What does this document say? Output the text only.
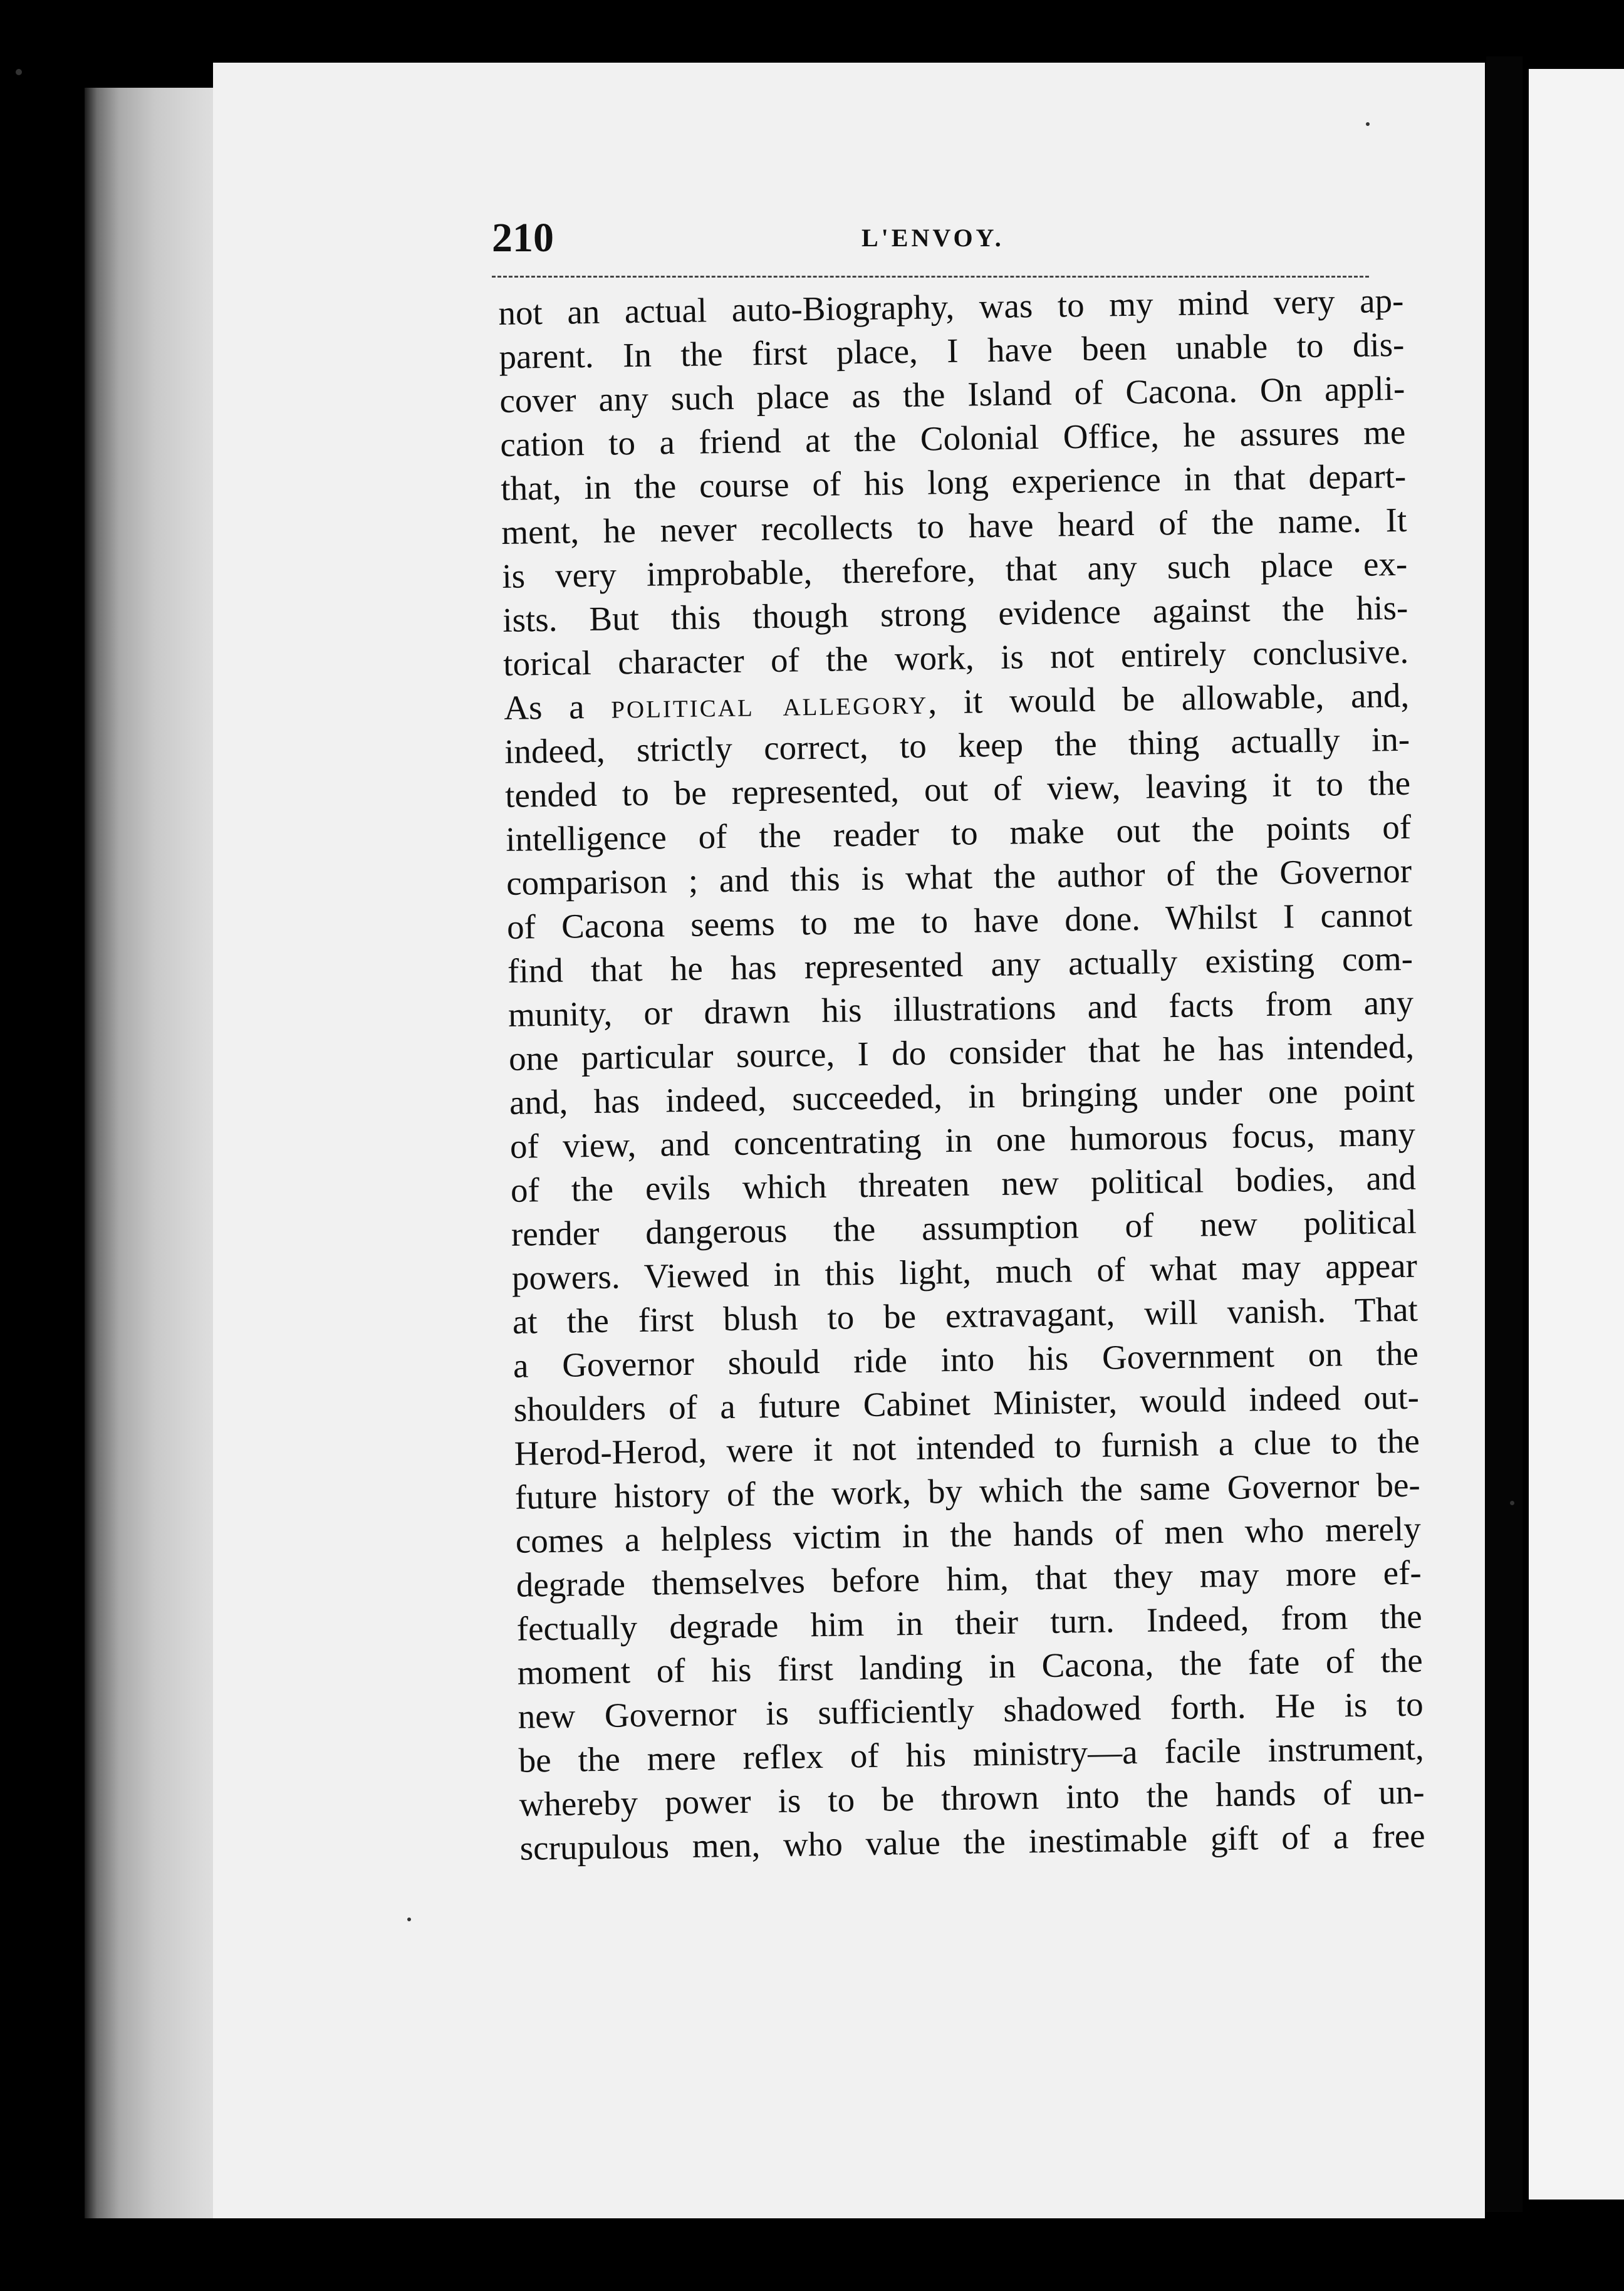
210	L'ENVOY.
not an actual auto-Biography, was to my mind very ap-
parent. In the first place, I have been unable to dis-
cover any such place as the Island of Cacona. On appli-
cation to a friend at the Colonial Office, he assures me
that, in the course of his long experience in that depart-
ment, he never recollects to have heard of the name. It
is very improbable, therefore, that any such place ex-
ists. But this though strong evidence against the his-
torical character of the work, is not entirely conclusive.
As a political allegory, it would be allowable, and,
indeed, strictly correct, to keep the thing actually in-
tended to be represented, out of view, leaving it to the
intelligence of the reader to make out the points of
comparison ; and this is what the author of the Governor
of Cacona seems to me to have done. Whilst I cannot
find that he has represented any actually existing com-
munity, or drawn his illustrations and facts from any
one particular source, I do consider that he has intended,
and, has indeed, succeeded, in bringing under one point
of view, and concentrating in one humorous focus, many
of the evils which threaten new political bodies, and
render dangerous the assumption of new political
powers. Viewed in this light, much of what may appear
at the first blush to be extravagant, will vanish. That
a Governor should ride into his Government on the
shoulders of a future Cabinet Minister, would indeed out-
Herod-Herod, were it not intended to furnish a clue to the
future history of the work, by which the same Governor be-
comes a helpless victim in the hands of men who merely
degrade themselves before him, that they may more ef-
fectually degrade him in their turn. Indeed, from the
moment of his first landing in Cacona, the fate of the
new Governor is sufficiently shadowed forth. He is to
be the mere reflex of his ministry—a facile instrument,
whereby power is to be thrown into the hands of un-
scrupulous men, who value the inestimable gift of a free
